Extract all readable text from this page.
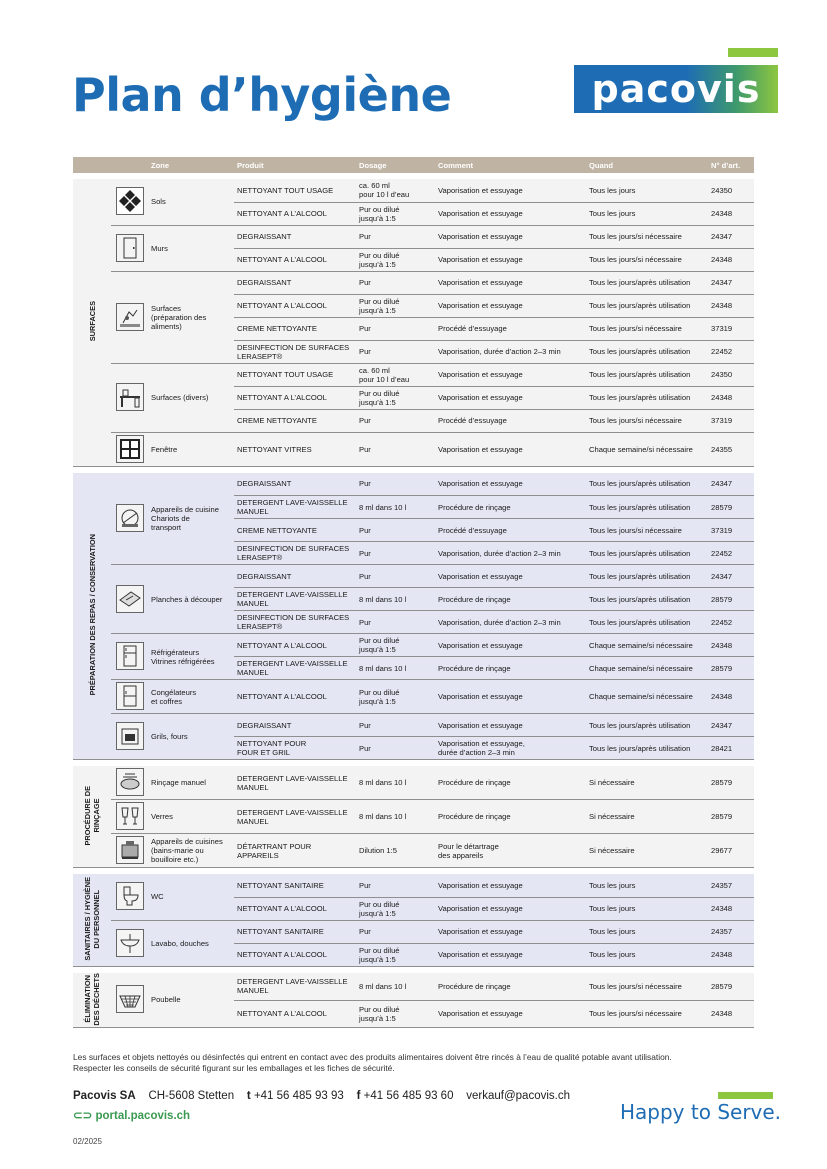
Plan d’hygiène	pacovis
		Zone	Produit	Dosage	Comment	Quand	N° d’art.

SURFACES		Sols	NETTOYANT TOUT USAGE	ca. 60 ml
pour 10 l d’eau	Vaporisation et essuyage	Tous les jours	24350
			NETTOYANT A L’ALCOOL	Pur ou dilué
jusqu’à 1:5	Vaporisation et essuyage	Tous les jours	24348
	Murs	DEGRAISSANT	Pur	Vaporisation et essuyage	Tous les jours/si nécessaire	24347
			NETTOYANT A L’ALCOOL	Pur ou dilué
jusqu’à 1:5	Vaporisation et essuyage	Tous les jours/si nécessaire	24348
	Surfaces
(préparation des
aliments)	DEGRAISSANT	Pur	Vaporisation et essuyage	Tous les jours/après utilisation	24347
			NETTOYANT A L’ALCOOL	Pur ou dilué
jusqu’à 1:5	Vaporisation et essuyage	Tous les jours/après utilisation	24348
			CREME NETTOYANTE	Pur	Procédé d’essuyage	Tous les jours/si nécessaire	37319
			DESINFECTION DE SURFACES
LERASEPT®	Pur	Vaporisation, durée d’action 2–3 min	Tous les jours/après utilisation	22452
	Surfaces (divers)	NETTOYANT TOUT USAGE	ca. 60 ml
pour 10 l d’eau	Vaporisation et essuyage	Tous les jours/après utilisation	24350
			NETTOYANT A L’ALCOOL	Pur ou dilué
jusqu’à 1:5	Vaporisation et essuyage	Tous les jours/après utilisation	24348
			CREME NETTOYANTE	Pur	Procédé d’essuyage	Tous les jours/si nécessaire	37319
	Fenêtre	NETTOYANT VITRES	Pur	Vaporisation et essuyage	Chaque semaine/si nécessaire	24355

PRÉPARATION DES REPAS / CONSERVATION		Appareils de cuisine
Chariots de
transport	DEGRAISSANT	Pur	Vaporisation et essuyage	Tous les jours/après utilisation	24347
			DETERGENT LAVE-VAISSELLE
MANUEL	8 ml dans 10 l	Procédure de rinçage	Tous les jours/après utilisation	28579
			CREME NETTOYANTE	Pur	Procédé d’essuyage	Tous les jours/si nécessaire	37319
			DESINFECTION DE SURFACES
LERASEPT®	Pur	Vaporisation, durée d’action 2–3 min	Tous les jours/après utilisation	22452
	Planches à découper	DEGRAISSANT	Pur	Vaporisation et essuyage	Tous les jours/après utilisation	24347
			DETERGENT LAVE-VAISSELLE
MANUEL	8 ml dans 10 l	Procédure de rinçage	Tous les jours/après utilisation	28579
			DESINFECTION DE SURFACES
LERASEPT®	Pur	Vaporisation, durée d’action 2–3 min	Tous les jours/après utilisation	22452
	Réfrigérateurs
Vitrines réfrigérées	NETTOYANT A L’ALCOOL	Pur ou dilué
jusqu’à 1:5	Vaporisation et essuyage	Chaque semaine/si nécessaire	24348
			DETERGENT LAVE-VAISSELLE
MANUEL	8 ml dans 10 l	Procédure de rinçage	Chaque semaine/si nécessaire	28579
	Congélateurs
et coffres	NETTOYANT A L’ALCOOL	Pur ou dilué
jusqu’à 1:5	Vaporisation et essuyage	Chaque semaine/si nécessaire	24348
	Grils, fours	DEGRAISSANT	Pur	Vaporisation et essuyage	Tous les jours/après utilisation	24347
			NETTOYANT POUR
FOUR ET GRIL	Pur	Vaporisation et essuyage,
durée d’action 2–3 min	Tous les jours/après utilisation	28421

PROCÉDURE DE
RINÇAGE		Rinçage manuel	DETERGENT LAVE-VAISSELLE
MANUEL	8 ml dans 10 l	Procédure de rinçage	Si nécessaire	28579
	Verres	DETERGENT LAVE-VAISSELLE
MANUEL	8 ml dans 10 l	Procédure de rinçage	Si nécessaire	28579
	Appareils de cuisines
(bains-marie ou
bouilloire etc.)	DÉTARTRANT POUR
APPAREILS	Dilution 1:5	Pour le détartrage
des appareils	Si nécessaire	29677

SANITAIRES / HYGIÈNE
DU PERSONNEL		WC	NETTOYANT SANITAIRE	Pur	Vaporisation et essuyage	Tous les jours	24357
			NETTOYANT A L’ALCOOL	Pur ou dilué
jusqu’à 1:5	Vaporisation et essuyage	Tous les jours	24348
	Lavabo, douches	NETTOYANT SANITAIRE	Pur	Vaporisation et essuyage	Tous les jours	24357
			NETTOYANT A L’ALCOOL	Pur ou dilué
jusqu’à 1:5	Vaporisation et essuyage	Tous les jours	24348

ÉLIMINATION
DES DÉCHETS		Poubelle	DETERGENT LAVE-VAISSELLE
MANUEL	8 ml dans 10 l	Procédure de rinçage	Tous les jours/si nécessaire	28579
			NETTOYANT A L’ALCOOL	Pur ou dilué
jusqu’à 1:5	Vaporisation et essuyage	Tous les jours/si nécessaire	24348
Les surfaces et objets nettoyés ou désinfectés qui entrent en contact avec des produits alimentaires doivent être rincés à l’eau de qualité potable avant utilisation.
Respecter les conseils de sécurité figurant sur les emballages et les fiches de sécurité.
Pacovis SA CH-5608 Stetten t +41 56 485 93 93 f +41 56 485 93 60 verkauf@pacovis.ch
⊂⊃ portal.pacovis.ch	Happy to Serve.
02/2025
